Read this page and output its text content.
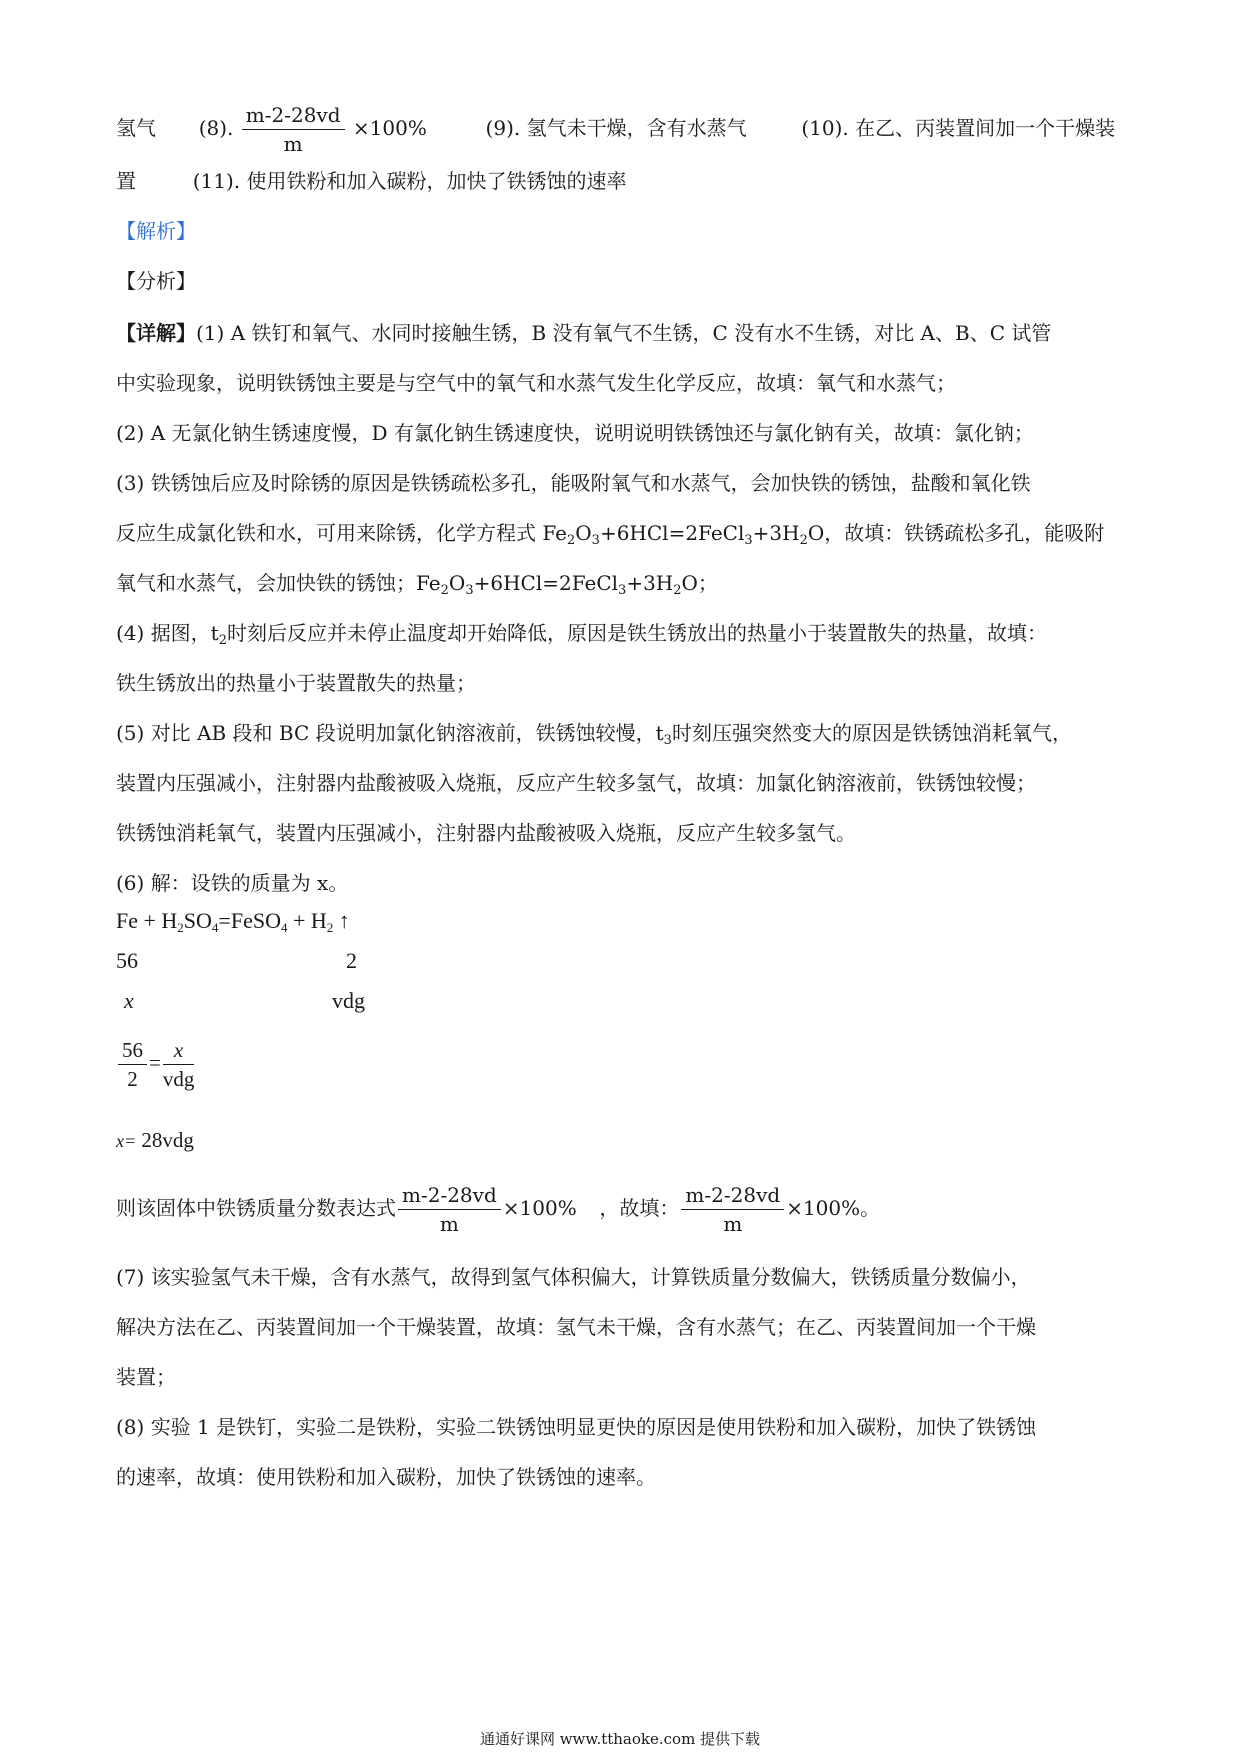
氢气 (8). $\frac{m-2-28vd}{m} \times 100\%$	(9). 氢气未干燥，含有水蒸气	(10). 在乙、丙装置间加一个干燥装
置	(11). 使用铁粉和加入碳粉，加快了铁锈蚀的速率
【解析】
【分析】
【详解】(1) A 铁钉和氧气、水同时接触生锈，B 没有氧气不生锈，C 没有水不生锈，对比 A、B、C 试管
中实验现象，说明铁锈蚀主要是与空气中的氧气和水蒸气发生化学反应，故填：氧气和水蒸气；
(2) A 无氯化钠生锈速度慢，D 有氯化钠生锈速度快，说明说明铁锈蚀还与氯化钠有关，故填：氯化钠；
(3) 铁锈蚀后应及时除锈的原因是铁锈疏松多孔，能吸附氧气和水蒸气，会加快铁的锈蚀，盐酸和氧化铁
反应生成氯化铁和水，可用来除锈，化学方程式 $Fe_2O_3+6HCl=2FeCl_3+3H_2O$，故填：铁锈疏松多孔，能吸附
氧气和水蒸气，会加快铁的锈蚀；$Fe_2O_3+6HCl=2FeCl_3+3H_2O$；
(4) 据图，$t_2$时刻后反应并未停止温度却开始降低，原因是铁生锈放出的热量小于装置散失的热量，故填：
铁生锈放出的热量小于装置散失的热量；
(5) 对比 AB 段和 BC 段说明加氯化钠溶液前，铁锈蚀较慢，$t_3$时刻压强突然变大的原因是铁锈蚀消耗氧气，
装置内压强减小，注射器内盐酸被吸入烧瓶，反应产生较多氢气，故填：加氯化钠溶液前，铁锈蚀较慢；
铁锈蚀消耗氧气，装置内压强减小，注射器内盐酸被吸入烧瓶，反应产生较多氢气。
(6) 解：设铁的质量为 x。
$Fe + H_2SO_4=FeSO_4 + H_2$ ↑
56	2
x	vdg
$\frac{56}{2} = \frac{x}{\text{vdg}}$
x= 28vdg
则该固体中铁锈质量分数表达式 $\frac{m-2-28vd}{m} \times 100\%$ ，故填： $\frac{m-2-28vd}{m} \times 100\%$。
(7) 该实验氢气未干燥，含有水蒸气，故得到氢气体积偏大，计算铁质量分数偏大，铁锈质量分数偏小，
解决方法在乙、丙装置间加一个干燥装置，故填：氢气未干燥，含有水蒸气；在乙、丙装置间加一个干燥
装置；
(8) 实验 1 是铁钉，实验二是铁粉，实验二铁锈蚀明显更快的原因是使用铁粉和加入碳粉，加快了铁锈蚀
的速率，故填：使用铁粉和加入碳粉，加快了铁锈蚀的速率。
通通好课网 www.tthaoke.com 提供下载
